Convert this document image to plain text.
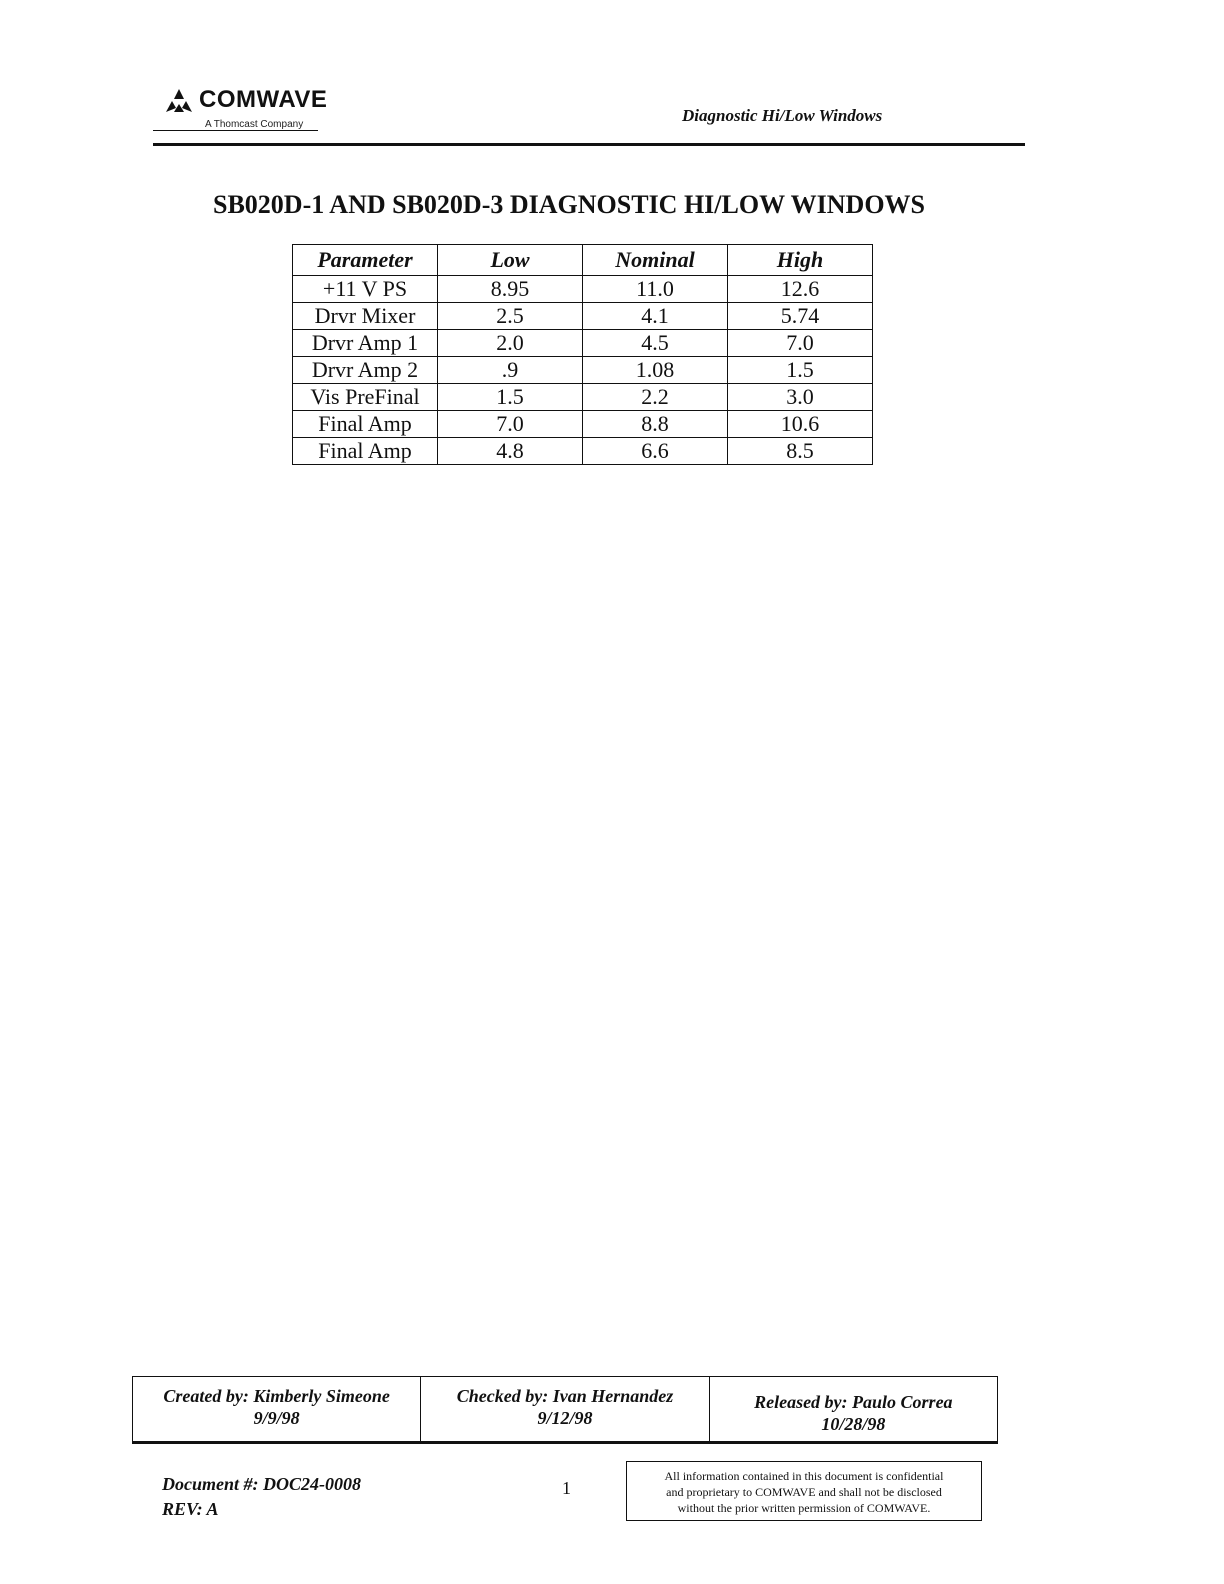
COMWAVE
A Thomcast Company	Diagnostic Hi/Low Windows
SB020D-1 AND SB020D-3 DIAGNOSTIC HI/LOW WINDOWS
Parameter	Low	Nominal	High
+11 V PS	8.95	11.0	12.6
Drvr Mixer	2.5	4.1	5.74
Drvr Amp 1	2.0	4.5	7.0
Drvr Amp 2	.9	1.08	1.5
Vis PreFinal	1.5	2.2	3.0
Final Amp	7.0	8.8	10.6
Final Amp	4.8	6.6	8.5
Created by: Kimberly Simeone
9/9/98
Checked by: Ivan Hernandez
9/12/98
Released by: Paulo Correa
10/28/98
Document #: DOC24-0008
REV: A
1
All information contained in this document is confidential
and proprietary to COMWAVE and shall not be disclosed
without the prior written permission of COMWAVE.
